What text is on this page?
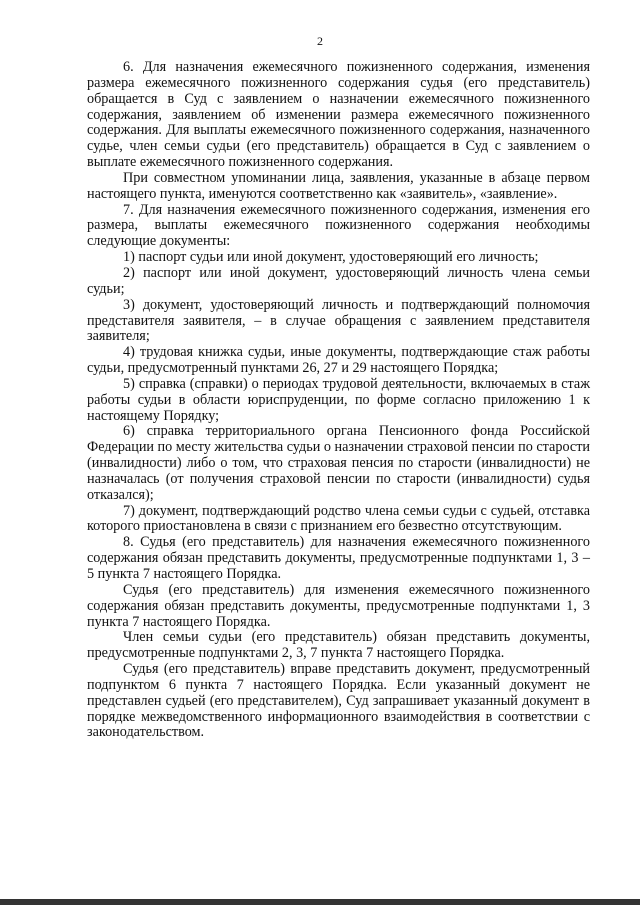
2

6. Для назначения ежемесячного пожизненного содержания, изменения размера ежемесячного пожизненного содержания судья (его представитель) обращается в Суд с заявлением о назначении ежемесячного пожизненного содержания, заявлением об изменении размера ежемесячного пожизненного содержания. Для выплаты ежемесячного пожизненного содержания, назначенного судье, член семьи судьи (его представитель) обращается в Суд с заявлением о выплате ежемесячного пожизненного содержания.

При совместном упоминании лица, заявления, указанные в абзаце первом настоящего пункта, именуются соответственно как «заявитель», «заявление».

7. Для назначения ежемесячного пожизненного содержания, изменения его размера, выплаты ежемесячного пожизненного содержания необходимы следующие документы:

1) паспорт судьи или иной документ, удостоверяющий его личность;

2) паспорт или иной документ, удостоверяющий личность члена семьи судьи;

3) документ, удостоверяющий личность и подтверждающий полномочия представителя заявителя, – в случае обращения с заявлением представителя заявителя;

4) трудовая книжка судьи, иные документы, подтверждающие стаж работы судьи, предусмотренный пунктами 26, 27 и 29 настоящего Порядка;

5) справка (справки) о периодах трудовой деятельности, включаемых в стаж работы судьи в области юриспруденции, по форме согласно приложению 1 к настоящему Порядку;

6) справка территориального органа Пенсионного фонда Российской Федерации по месту жительства судьи о назначении страховой пенсии по старости (инвалидности) либо о том, что страховая пенсия по старости (инвалидности) не назначалась (от получения страховой пенсии по старости (инвалидности) судья отказался);

7) документ, подтверждающий родство члена семьи судьи с судьей, отставка которого приостановлена в связи с признанием его безвестно отсутствующим.

8. Судья (его представитель) для назначения ежемесячного пожизненного содержания обязан представить документы, предусмотренные подпунктами 1, 3 – 5 пункта 7 настоящего Порядка.

Судья (его представитель) для изменения ежемесячного пожизненного содержания обязан представить документы, предусмотренные подпунктами 1, 3 пункта 7 настоящего Порядка.

Член семьи судьи (его представитель) обязан представить документы, предусмотренные подпунктами 2, 3, 7 пункта 7 настоящего Порядка.

Судья (его представитель) вправе представить документ, предусмотренный подпунктом 6 пункта 7 настоящего Порядка. Если указанный документ не представлен судьей (его представителем), Суд запрашивает указанный документ в порядке межведомственного информационного взаимодействия в соответствии с законодательством.
